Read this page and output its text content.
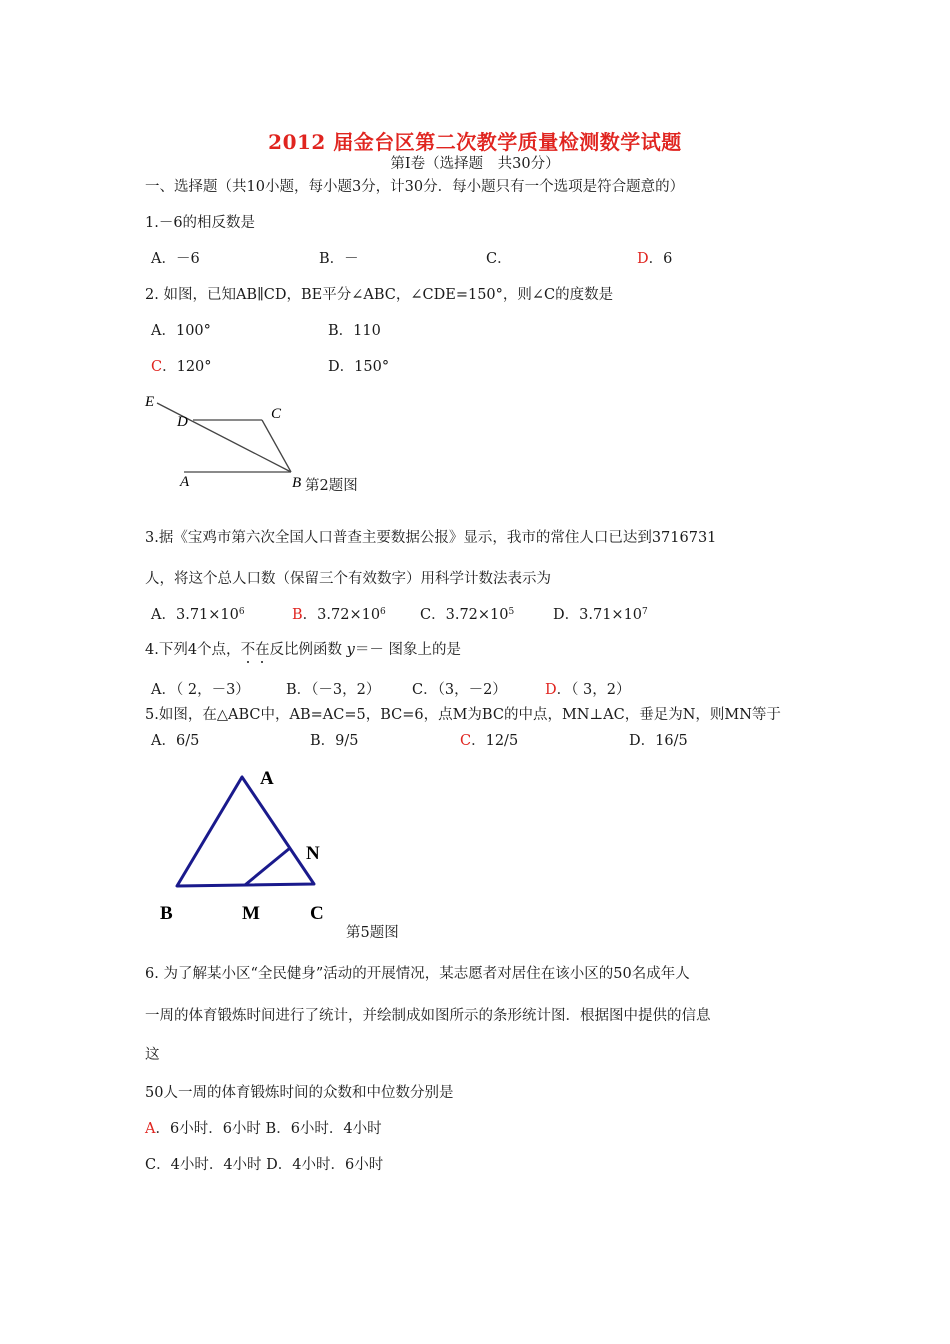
2012 届金台区第二次教学质量检测数学试题
第Ⅰ卷（选择题　共30分）
一、选择题（共10小题，每小题3分，计30分．每小题只有一个选项是符合题意的）
1.－6的相反数是
A．－6	B．－	C．	D．6
2. 如图，已知AB∥CD，BE平分∠ABC，∠CDE=150°，则∠C的度数是
A．100°	B．110
C．120°	D．150°
E
D	C
A	B 第2题图
3.据《宝鸡市第六次全国人口普查主要数据公报》显示，我市的常住人口已达到3716731
人，将这个总人口数（保留三个有效数字）用科学计数法表示为
A．$3.71\times 10^6$	B．$3.72\times 10^6$ C．$3.72\times 10^5$	D．$3.71\times 10^7$
4.下列4个点，不在反比例函数 y＝－ 图象上的是
A．（ 2，－3） B．（－3，2） C．（3，－2）	D．（ 3，2）
5.如图，在△ABC中，AB=AC=5，BC=6，点M为BC的中点，MN⊥AC，垂足为N，则MN等于
A．6/5	B．9/5	C．12/5	D．16/5
A
N
B	M	C
第5题图
6. 为了解某小区“全民健身”活动的开展情况，某志愿者对居住在该小区的50名成年人
一周的体育锻炼时间进行了统计，并绘制成如图所示的条形统计图．根据图中提供的信息
这
50人一周的体育锻炼时间的众数和中位数分别是
A．6小时．6小时 B．6小时．4小时
C．4小时．4小时 D．4小时．6小时
